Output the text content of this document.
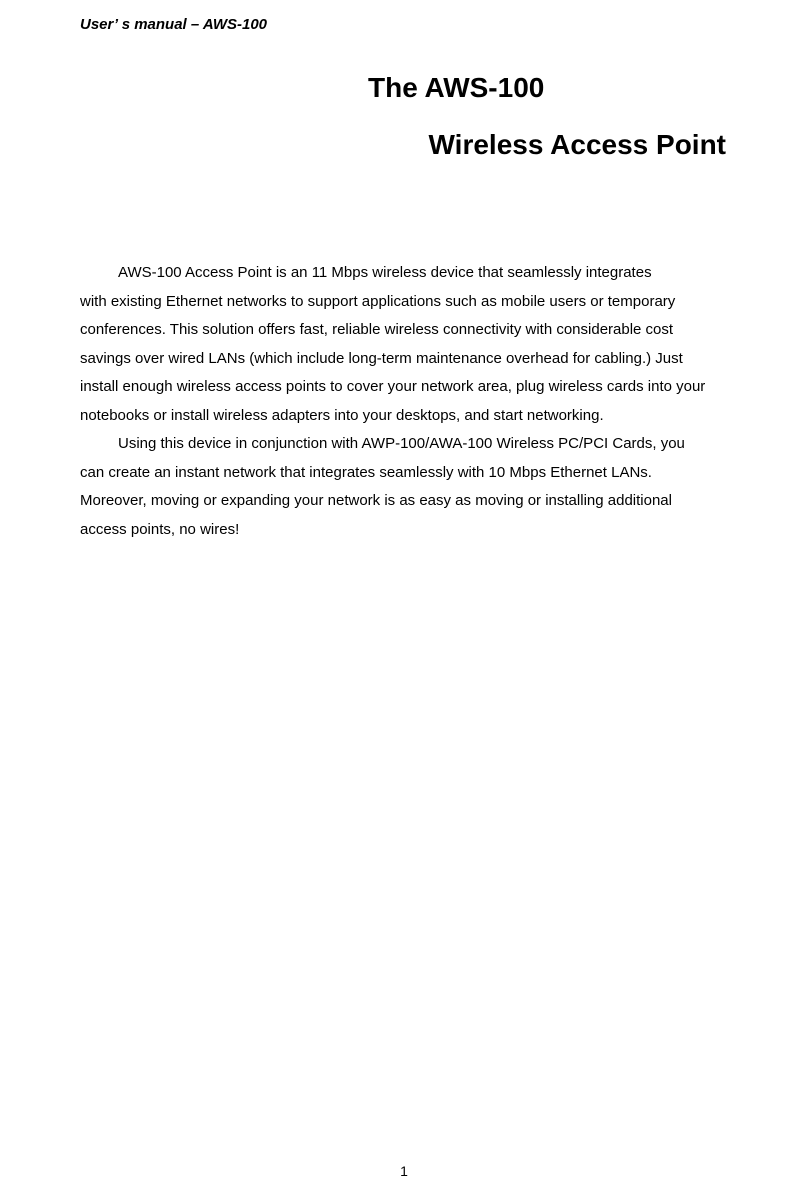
User’ s manual – AWS-100
The AWS-100
Wireless Access Point
AWS-100 Access Point is an 11 Mbps wireless device that seamlessly integrates
with existing Ethernet networks to support applications such as mobile users or temporary
conferences. This solution offers fast, reliable wireless connectivity with considerable cost
savings over wired LANs (which include long-term maintenance overhead for cabling.) Just
install enough wireless access points to cover your network area, plug wireless cards into your
notebooks or install wireless adapters into your desktops, and start networking.
Using this device in conjunction with AWP-100/AWA-100 Wireless PC/PCI Cards, you
can create an instant network that integrates seamlessly with 10 Mbps Ethernet LANs.
Moreover, moving or expanding your network is as easy as moving or installing additional
access points, no wires!
1
